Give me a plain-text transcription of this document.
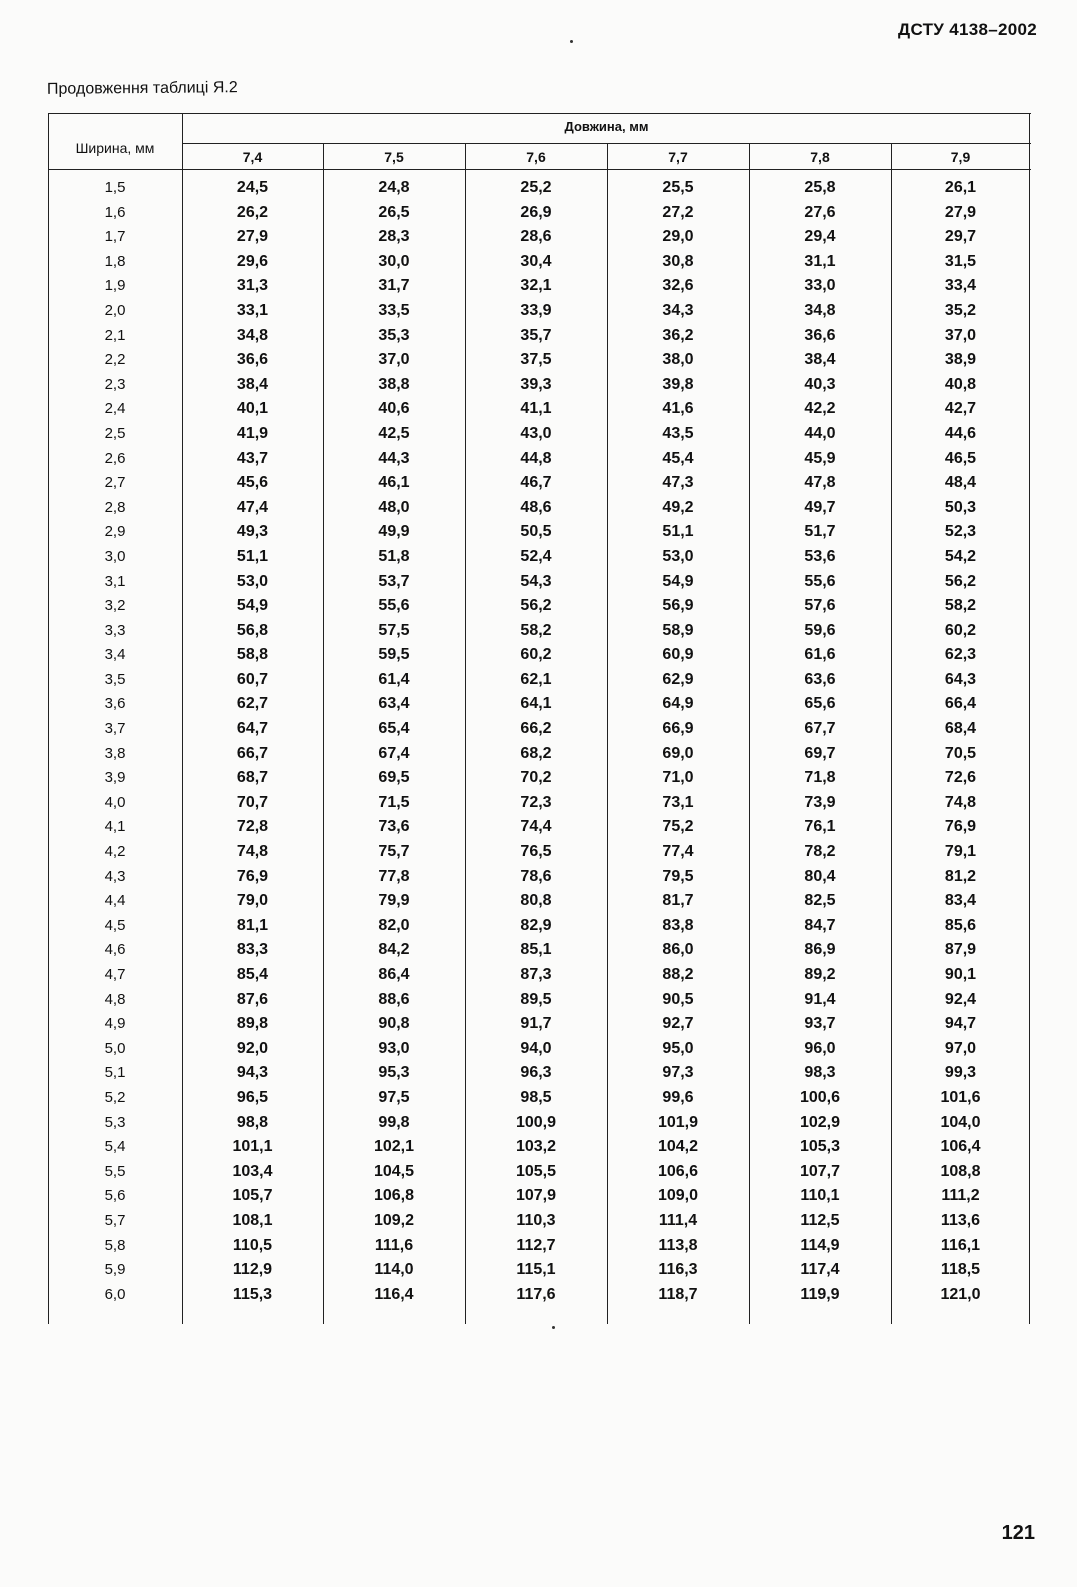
ДСТУ 4138–2002
Продовження таблиці Я.2
Ширина, мм
Довжина, мм
7,4	7,5	7,6	7,7	7,8	7,9
1,5	24,5	24,8	25,2	25,5	25,8	26,1
1,6	26,2	26,5	26,9	27,2	27,6	27,9
1,7	27,9	28,3	28,6	29,0	29,4	29,7
1,8	29,6	30,0	30,4	30,8	31,1	31,5
1,9	31,3	31,7	32,1	32,6	33,0	33,4
2,0	33,1	33,5	33,9	34,3	34,8	35,2
2,1	34,8	35,3	35,7	36,2	36,6	37,0
2,2	36,6	37,0	37,5	38,0	38,4	38,9
2,3	38,4	38,8	39,3	39,8	40,3	40,8
2,4	40,1	40,6	41,1	41,6	42,2	42,7
2,5	41,9	42,5	43,0	43,5	44,0	44,6
2,6	43,7	44,3	44,8	45,4	45,9	46,5
2,7	45,6	46,1	46,7	47,3	47,8	48,4
2,8	47,4	48,0	48,6	49,2	49,7	50,3
2,9	49,3	49,9	50,5	51,1	51,7	52,3
3,0	51,1	51,8	52,4	53,0	53,6	54,2
3,1	53,0	53,7	54,3	54,9	55,6	56,2
3,2	54,9	55,6	56,2	56,9	57,6	58,2
3,3	56,8	57,5	58,2	58,9	59,6	60,2
3,4	58,8	59,5	60,2	60,9	61,6	62,3
3,5	60,7	61,4	62,1	62,9	63,6	64,3
3,6	62,7	63,4	64,1	64,9	65,6	66,4
3,7	64,7	65,4	66,2	66,9	67,7	68,4
3,8	66,7	67,4	68,2	69,0	69,7	70,5
3,9	68,7	69,5	70,2	71,0	71,8	72,6
4,0	70,7	71,5	72,3	73,1	73,9	74,8
4,1	72,8	73,6	74,4	75,2	76,1	76,9
4,2	74,8	75,7	76,5	77,4	78,2	79,1
4,3	76,9	77,8	78,6	79,5	80,4	81,2
4,4	79,0	79,9	80,8	81,7	82,5	83,4
4,5	81,1	82,0	82,9	83,8	84,7	85,6
4,6	83,3	84,2	85,1	86,0	86,9	87,9
4,7	85,4	86,4	87,3	88,2	89,2	90,1
4,8	87,6	88,6	89,5	90,5	91,4	92,4
4,9	89,8	90,8	91,7	92,7	93,7	94,7
5,0	92,0	93,0	94,0	95,0	96,0	97,0
5,1	94,3	95,3	96,3	97,3	98,3	99,3
5,2	96,5	97,5	98,5	99,6	100,6	101,6
5,3	98,8	99,8	100,9	101,9	102,9	104,0
5,4	101,1	102,1	103,2	104,2	105,3	106,4
5,5	103,4	104,5	105,5	106,6	107,7	108,8
5,6	105,7	106,8	107,9	109,0	110,1	111,2
5,7	108,1	109,2	110,3	111,4	112,5	113,6
5,8	110,5	111,6	112,7	113,8	114,9	116,1
5,9	112,9	114,0	115,1	116,3	117,4	118,5
6,0	115,3	116,4	117,6	118,7	119,9	121,0
121
